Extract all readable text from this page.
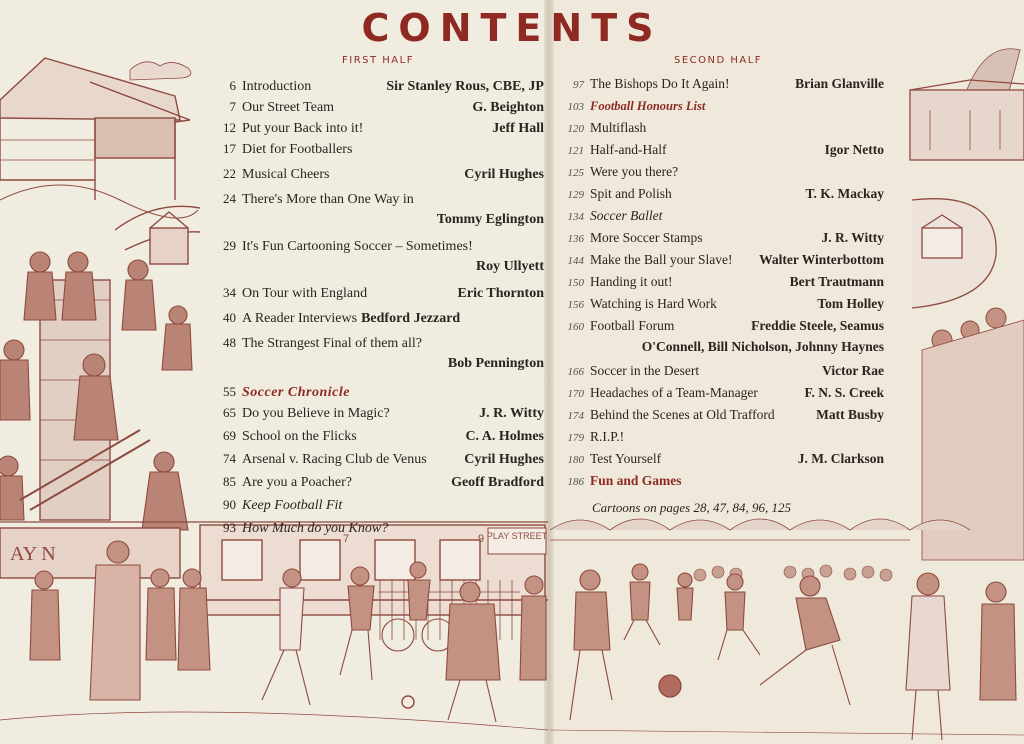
AY N
PLAY STREET
7	9
CONTENTS
FIRST HALF	SECOND HALF
6 Introduction	Sir Stanley Rous, CBE, JP
7 Our Street Team	G. Beighton
12 Put your Back into it!	Jeff Hall
17 Diet for Footballers
22 Musical Cheers	Cyril Hughes
24 There's More than One Way in
Tommy Eglington
29 It's Fun Cartooning Soccer – Sometimes!
Roy Ullyett
34 On Tour with England	Eric Thornton
40 A Reader Interviews Bedford Jezzard
48 The Strangest Final of them all?
Bob Pennington
55 Soccer Chronicle
65 Do you Believe in Magic?	J. R. Witty
69 School on the Flicks	C. A. Holmes
74 Arsenal v. Racing Club de Venus	Cyril Hughes
85 Are you a Poacher?	Geoff Bradford
90 Keep Football Fit
93 How Much do you Know?
97 The Bishops Do It Again!	Brian Glanville
103 Football Honours List
120 Multiflash
121 Half-and-Half	Igor Netto
125 Were you there?
129 Spit and Polish	T. K. Mackay
134 Soccer Ballet
136 More Soccer Stamps	J. R. Witty
144 Make the Ball your Slave!	Walter Winterbottom
150 Handing it out!	Bert Trautmann
156 Watching is Hard Work	Tom Holley
160 Football Forum	Freddie Steele, Seamus
O'Connell, Bill Nicholson, Johnny Haynes
166 Soccer in the Desert	Victor Rae
170 Headaches of a Team-Manager	F. N. S. Creek
174 Behind the Scenes at Old Trafford	Matt Busby
179 R.I.P.!
180 Test Yourself	J. M. Clarkson
186 Fun and Games
Cartoons on pages 28, 47, 84, 96, 125
